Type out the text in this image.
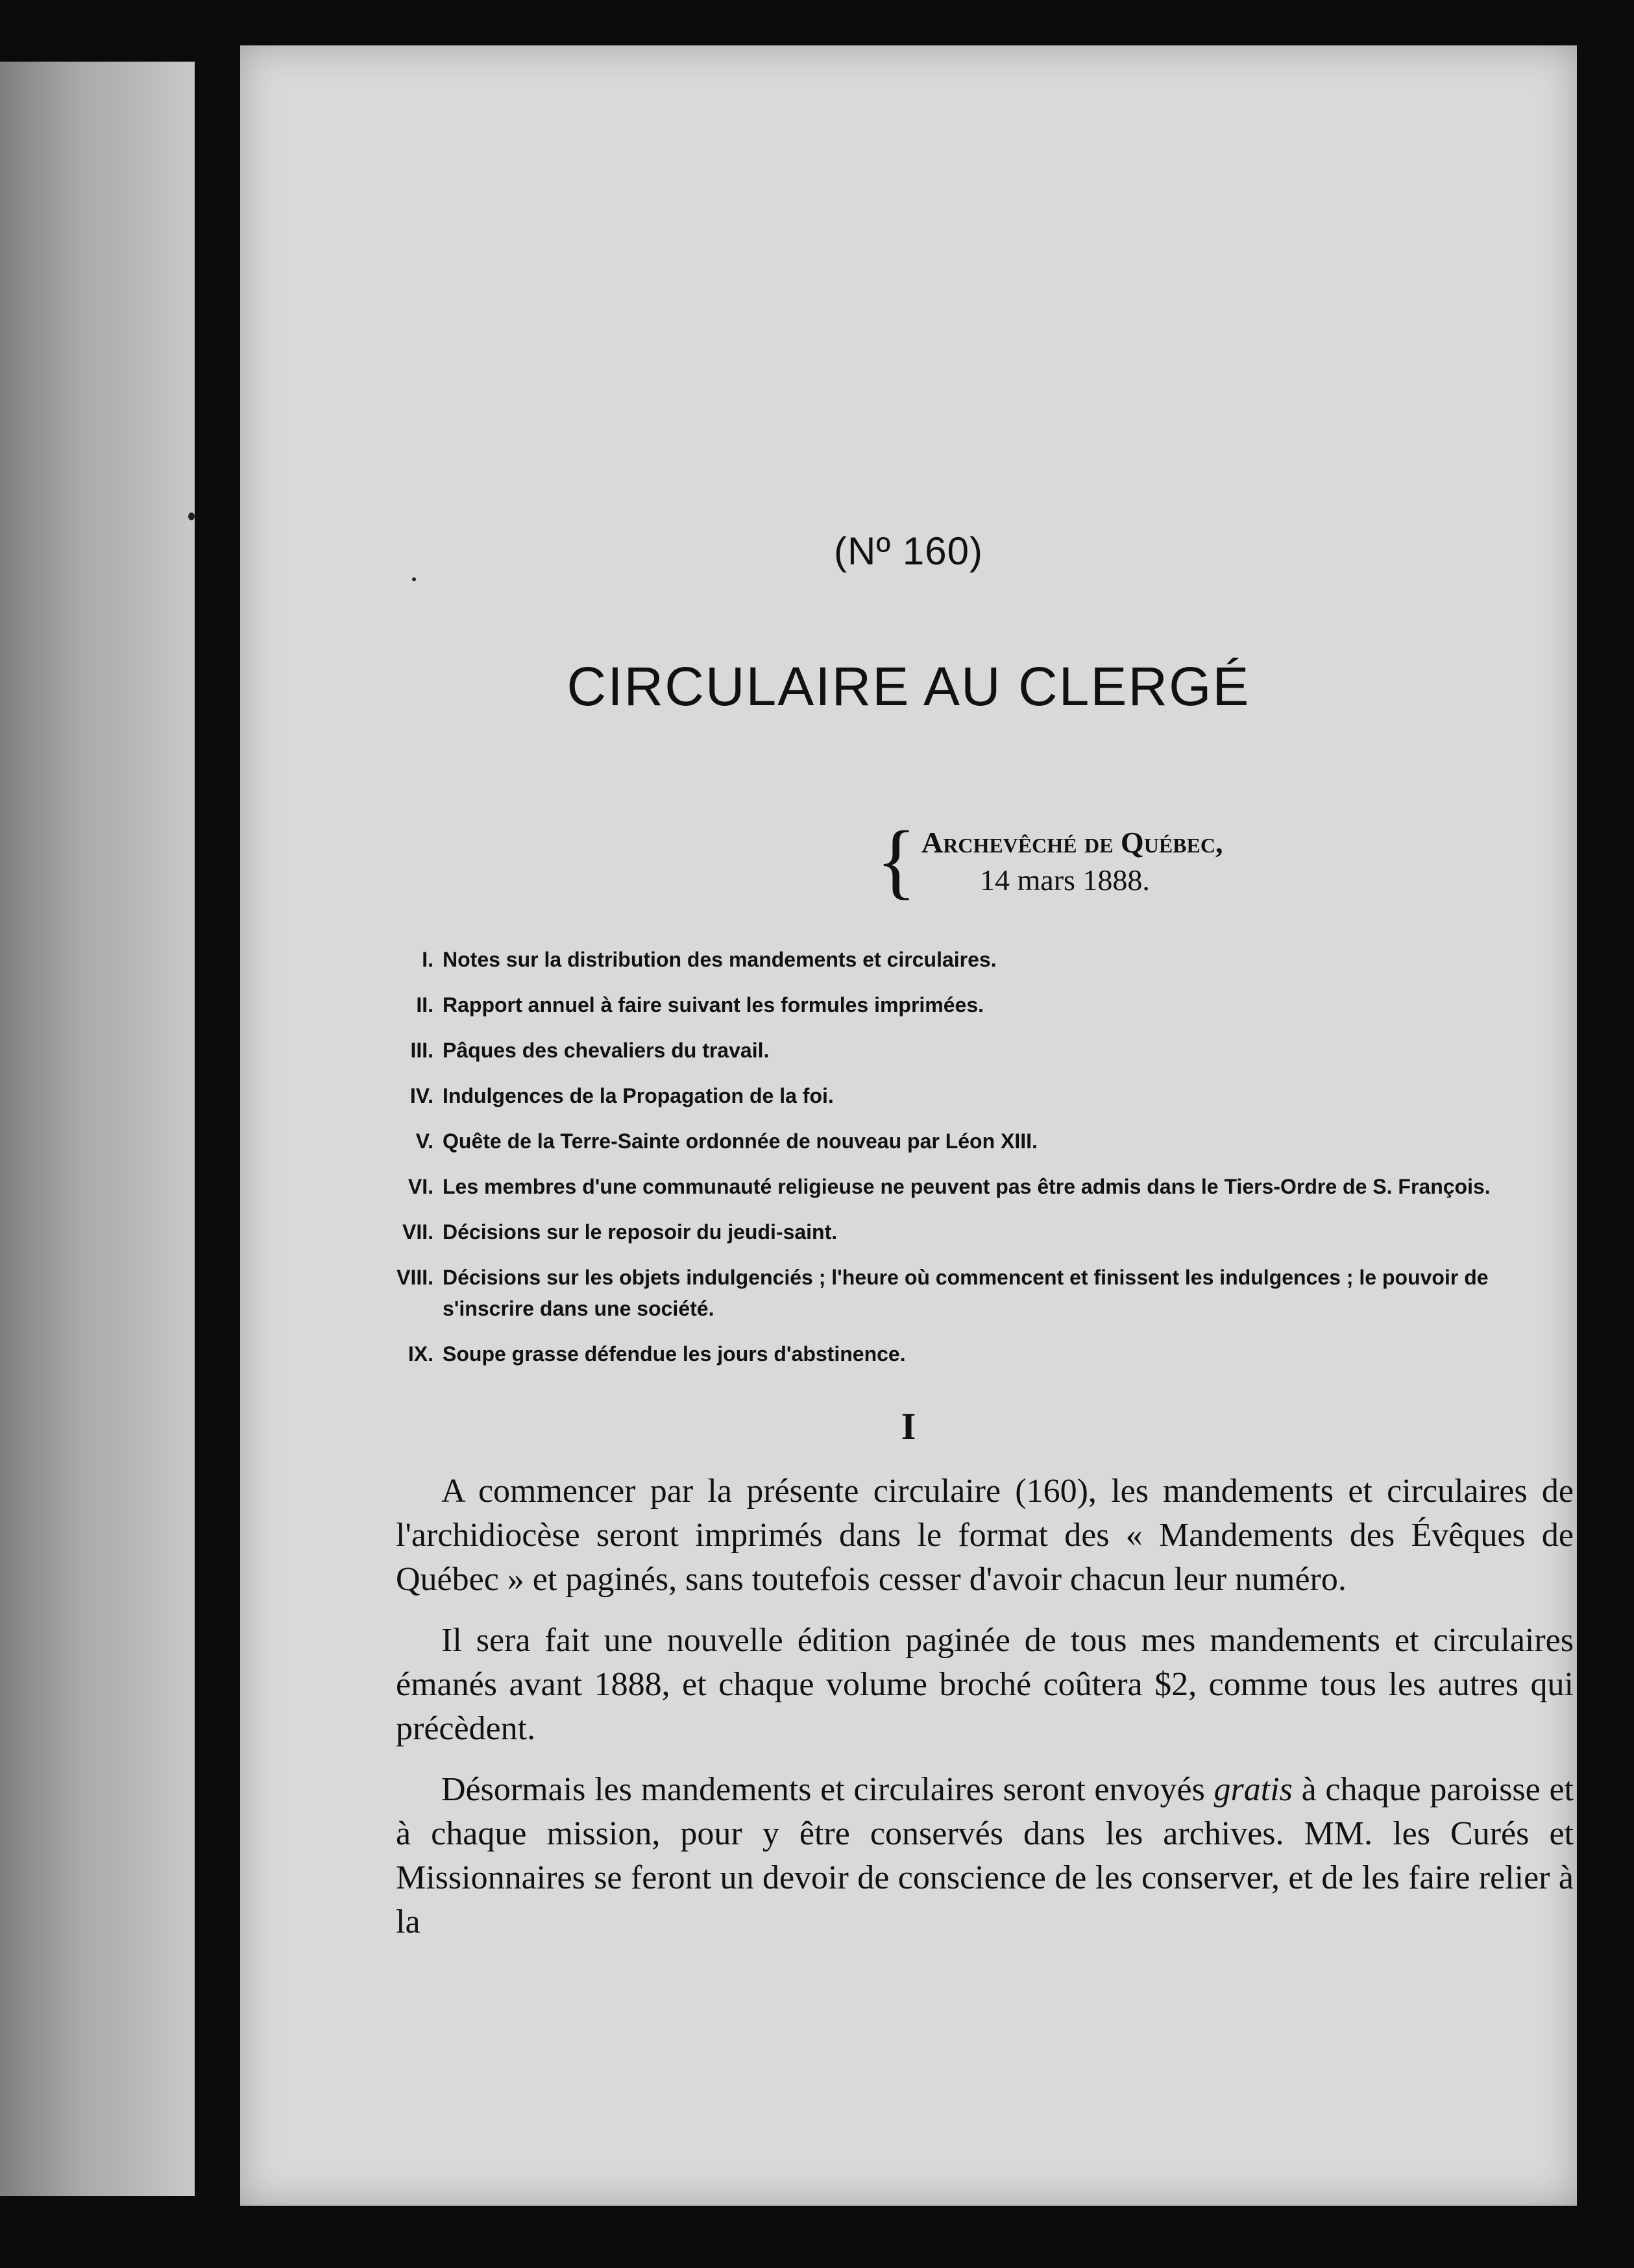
(Nº 160)
CIRCULAIRE AU CLERGÉ
{ Archevêché de Québec,
14 mars 1888.
I. Notes sur la distribution des mandements et circulaires.
II. Rapport annuel à faire suivant les formules imprimées.
III. Pâques des chevaliers du travail.
IV. Indulgences de la Propagation de la foi.
V. Quête de la Terre-Sainte ordonnée de nouveau par Léon XIII.
VI. Les membres d'une communauté religieuse ne peuvent pas être admis dans le Tiers-Ordre de S. François.
VII. Décisions sur le reposoir du jeudi-saint.
VIII. Décisions sur les objets indulgenciés ; l'heure où commencent et finissent les indulgences ; le pouvoir de s'inscrire dans une société.
IX. Soupe grasse défendue les jours d'abstinence.
I

A commencer par la présente circulaire (160), les mandements et circulaires de l'archidiocèse seront imprimés dans le format des « Mandements des Évêques de Québec » et paginés, sans toutefois cesser d'avoir chacun leur numéro.

Il sera fait une nouvelle édition paginée de tous mes mandements et circulaires émanés avant 1888, et chaque volume broché coûtera $2, comme tous les autres qui précèdent.

Désormais les mandements et circulaires seront envoyés gratis à chaque paroisse et à chaque mission, pour y être conservés dans les archives. MM. les Curés et Missionnaires se feront un devoir de conscience de les conserver, et de les faire relier à la
